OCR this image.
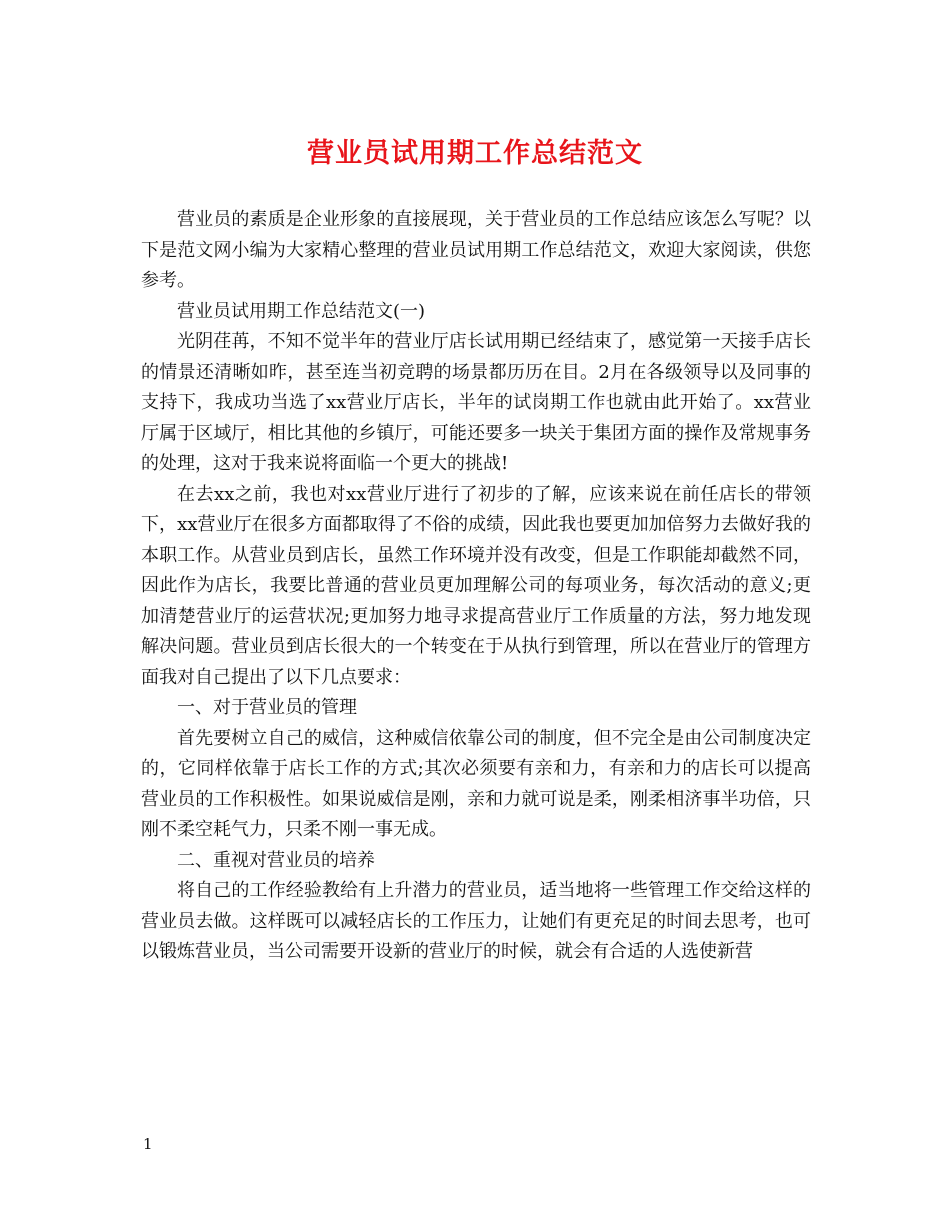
营业员试用期工作总结范文

营业员的素质是企业形象的直接展现，关于营业员的工作总结应该怎么写呢？以下是范文网小编为大家精心整理的营业员试用期工作总结范文，欢迎大家阅读，供您参考。

营业员试用期工作总结范文(一)

光阴荏苒，不知不觉半年的营业厅店长试用期已经结束了，感觉第一天接手店长的情景还清晰如昨，甚至连当初竞聘的场景都历历在目。2月在各级领导以及同事的支持下，我成功当选了xx营业厅店长，半年的试岗期工作也就由此开始了。xx营业厅属于区域厅，相比其他的乡镇厅，可能还要多一块关于集团方面的操作及常规事务的处理，这对于我来说将面临一个更大的挑战!

在去xx之前，我也对xx营业厅进行了初步的了解，应该来说在前任店长的带领下，xx营业厅在很多方面都取得了不俗的成绩，因此我也要更加加倍努力去做好我的本职工作。从营业员到店长，虽然工作环境并没有改变，但是工作职能却截然不同，因此作为店长，我要比普通的营业员更加理解公司的每项业务，每次活动的意义;更加清楚营业厅的运营状况;更加努力地寻求提高营业厅工作质量的方法，努力地发现解决问题。营业员到店长很大的一个转变在于从执行到管理，所以在营业厅的管理方面我对自己提出了以下几点要求：

一、对于营业员的管理

首先要树立自己的威信，这种威信依靠公司的制度，但不完全是由公司制度决定的，它同样依靠于店长工作的方式;其次必须要有亲和力，有亲和力的店长可以提高营业员的工作积极性。如果说威信是刚，亲和力就可说是柔，刚柔相济事半功倍，只刚不柔空耗气力，只柔不刚一事无成。

二、重视对营业员的培养

将自己的工作经验教给有上升潜力的营业员，适当地将一些管理工作交给这样的营业员去做。这样既可以减轻店长的工作压力，让她们有更充足的时间去思考，也可以锻炼营业员，当公司需要开设新的营业厅的时候，就会有合适的人选使新营

1
